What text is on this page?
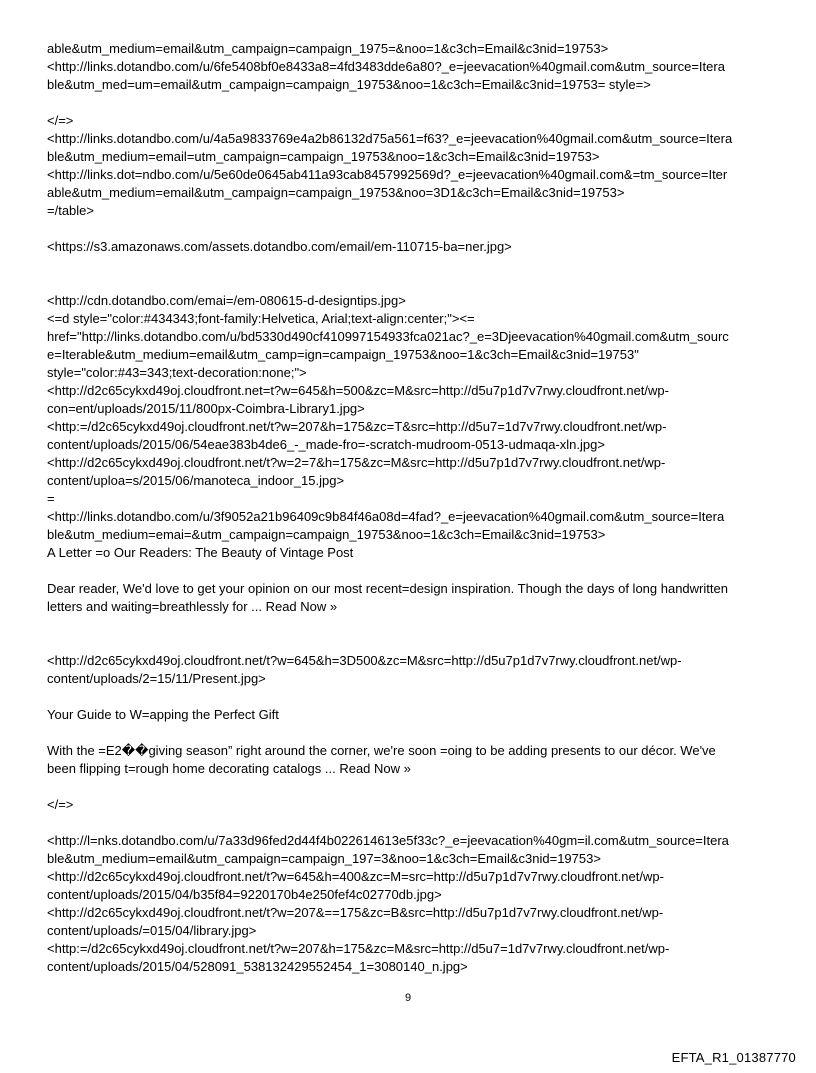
able&utm_medium=email&utm_campaign=campaign_1975=&noo=1&c3ch=Email&c3nid=19753>
<http://links.dotandbo.com/u/6fe5408bf0e8433a8=4fd3483dde6a80?_e=jeevacation%40gmail.com&utm_source=Itera
ble&utm_med=um=email&utm_campaign=campaign_19753&noo=1&c3ch=Email&c3nid=19753= style=>
</=>
<http://links.dotandbo.com/u/4a5a9833769e4a2b86132d75a561=f63?_e=jeevacation%40gmail.com&utm_source=Itera
ble&utm_medium=email=utm_campaign=campaign_19753&noo=1&c3ch=Email&c3nid=19753>
<http://links.dot=ndbo.com/u/5e60de0645ab411a93cab8457992569d?_e=jeevacation%40gmail.com&=tm_source=Iter
able&utm_medium=email&utm_campaign=campaign_19753&noo=3D1&c3ch=Email&c3nid=19753>
=/table>
<https://s3.amazonaws.com/assets.dotandbo.com/email/em-110715-ba=ner.jpg>
<http://cdn.dotandbo.com/emai=/em-080615-d-designtips.jpg>
<=d style="color:#434343;font-family:Helvetica, Arial;text-align:center;"><=
href="http://links.dotandbo.com/u/bd5330d490cf410997154933fca021ac?_e=3Djeevacation%40gmail.com&utm_sourc
e=Iterable&utm_medium=email&utm_camp=ign=campaign_19753&noo=1&c3ch=Email&c3nid=19753"
style="color:#43=343;text-decoration:none;">
<http://d2c65cykxd49oj.cloudfront.net=t?w=645&h=500&zc=M&src=http://d5u7p1d7v7rwy.cloudfront.net/wp-
con=ent/uploads/2015/11/800px-Coimbra-Library1.jpg>
<http:=/d2c65cykxd49oj.cloudfront.net/t?w=207&h=175&zc=T&src=http://d5u7=1d7v7rwy.cloudfront.net/wp-
content/uploads/2015/06/54eae383b4de6_-_made-fro=-scratch-mudroom-0513-udmaqa-xln.jpg>
<http://d2c65cykxd49oj.cloudfront.net/t?w=2=7&h=175&zc=M&src=http://d5u7p1d7v7rwy.cloudfront.net/wp-
content/uploa=s/2015/06/manoteca_indoor_15.jpg>
=
<http://links.dotandbo.com/u/3f9052a21b96409c9b84f46a08d=4fad?_e=jeevacation%40gmail.com&utm_source=Itera
ble&utm_medium=emai=&utm_campaign=campaign_19753&noo=1&c3ch=Email&c3nid=19753>
A Letter =o Our Readers: The Beauty of Vintage Post
Dear reader, We'd love to get your opinion on our most recent=design inspiration. Though the days of long handwritten
letters and waiting=breathlessly for ... Read Now »
<http://d2c65cykxd49oj.cloudfront.net/t?w=645&h=3D500&zc=M&src=http://d5u7p1d7v7rwy.cloudfront.net/wp-
content/uploads/2=15/11/Present.jpg>
Your Guide to W=apping the Perfect Gift
With the =E2��giving season” right around the corner, we're soon =oing to be adding presents to our décor. We've
been flipping t=rough home decorating catalogs ... Read Now »
</=>
<http://l=nks.dotandbo.com/u/7a33d96fed2d44f4b022614613e5f33c?_e=jeevacation%40gm=il.com&utm_source=Itera
ble&utm_medium=email&utm_campaign=campaign_197=3&noo=1&c3ch=Email&c3nid=19753>
<http://d2c65cykxd49oj.cloudfront.net/t?w=645&h=400&zc=M=src=http://d5u7p1d7v7rwy.cloudfront.net/wp-
content/uploads/2015/04/b35f84=9220170b4e250fef4c02770db.jpg>
<http://d2c65cykxd49oj.cloudfront.net/t?w=207&==175&zc=B&src=http://d5u7p1d7v7rwy.cloudfront.net/wp-
content/uploads/=015/04/library.jpg>
<http:=/d2c65cykxd49oj.cloudfront.net/t?w=207&h=175&zc=M&src=http://d5u7=1d7v7rwy.cloudfront.net/wp-
content/uploads/2015/04/528091_538132429552454_1=3080140_n.jpg>
9
EFTA_R1_01387770
